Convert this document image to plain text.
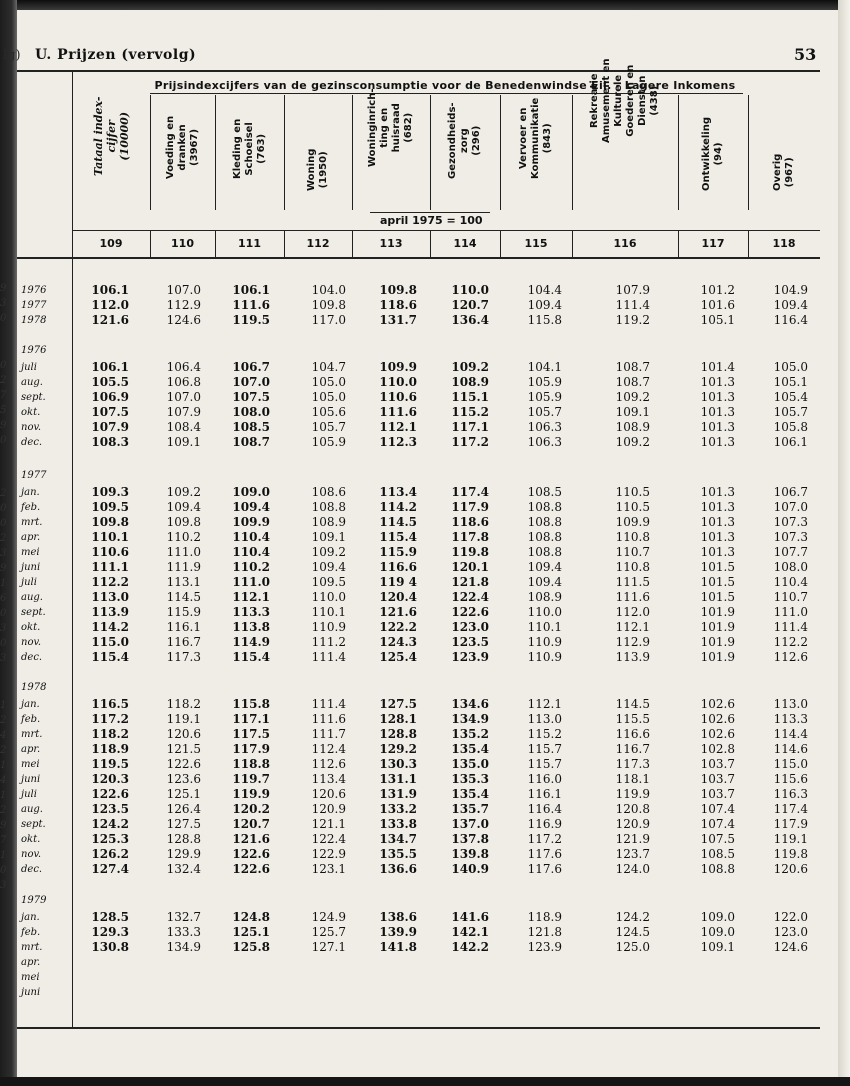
9
3
0
0
2
7
5
9
0
2
0
0
2
3
9
1
6
0
3
0
3
1
2
4
2
1
4
1
2
9
7
1
0
3
lg) U. Prijzen (vervolg)	53
Prijsindexcijfers van de gezinsconsumptie voor de Benedenwindse Eil. - Lagere Inkomens
Tataal index-
cijfer
(10000)	Voeding en
dranken
(3967)	Kleding en
Schoeisel
(763)	Woning
(1950)
Woninginrich-
ting en
huisraad
(682)	Gezondheids-
zorg
(296)	Vervoer en
Kommunikatie
(843)
Rekreatie
Amusement en
Kulturele
Goederen en
Diensten
(438)
Ontwikkeling
(94)	Overig
(967)
april 1975 = 100
109	110	111	112	113	114	115	116	117	118
1976	106.1	107.0	106.1	104.0	109.8	110.0	104.4	107.9	101.2	104.9
1977	112.0	112.9	111.6	109.8	118.6	120.7	109.4	111.4	101.6	109.4
1978	121.6	124.6	119.5	117.0	131.7	136.4	115.8	119.2	105.1	116.4
1976
juli	106.1	106.4	106.7	104.7	109.9	109.2	104.1	108.7	101.4	105.0
aug.	105.5	106.8	107.0	105.0	110.0	108.9	105.9	108.7	101.3	105.1
sept.	106.9	107.0	107.5	105.0	110.6	115.1	105.9	109.2	101.3	105.4
okt.	107.5	107.9	108.0	105.6	111.6	115.2	105.7	109.1	101.3	105.7
nov.	107.9	108.4	108.5	105.7	112.1	117.1	106.3	108.9	101.3	105.8
dec.	108.3	109.1	108.7	105.9	112.3	117.2	106.3	109.2	101.3	106.1
1977
jan.	109.3	109.2	109.0	108.6	113.4	117.4	108.5	110.5	101.3	106.7
feb.	109.5	109.4	109.4	108.8	114.2	117.9	108.8	110.5	101.3	107.0
mrt.	109.8	109.8	109.9	108.9	114.5	118.6	108.8	109.9	101.3	107.3
apr.	110.1	110.2	110.4	109.1	115.4	117.8	108.8	110.8	101.3	107.3
mei	110.6	111.0	110.4	109.2	115.9	119.8	108.8	110.7	101.3	107.7
juni	111.1	111.9	110.2	109.4	116.6	120.1	109.4	110.8	101.5	108.0
juli	112.2	113.1	111.0	109.5	119 4	121.8	109.4	111.5	101.5	110.4
aug.	113.0	114.5	112.1	110.0	120.4	122.4	108.9	111.6	101.5	110.7
sept.	113.9	115.9	113.3	110.1	121.6	122.6	110.0	112.0	101.9	111.0
okt.	114.2	116.1	113.8	110.9	122.2	123.0	110.1	112.1	101.9	111.4
nov.	115.0	116.7	114.9	111.2	124.3	123.5	110.9	112.9	101.9	112.2
dec.	115.4	117.3	115.4	111.4	125.4	123.9	110.9	113.9	101.9	112.6
1978
jan.	116.5	118.2	115.8	111.4	127.5	134.6	112.1	114.5	102.6	113.0
feb.	117.2	119.1	117.1	111.6	128.1	134.9	113.0	115.5	102.6	113.3
mrt.	118.2	120.6	117.5	111.7	128.8	135.2	115.2	116.6	102.6	114.4
apr.	118.9	121.5	117.9	112.4	129.2	135.4	115.7	116.7	102.8	114.6
mei	119.5	122.6	118.8	112.6	130.3	135.0	115.7	117.3	103.7	115.0
juni	120.3	123.6	119.7	113.4	131.1	135.3	116.0	118.1	103.7	115.6
juli	122.6	125.1	119.9	120.6	131.9	135.4	116.1	119.9	103.7	116.3
aug.	123.5	126.4	120.2	120.9	133.2	135.7	116.4	120.8	107.4	117.4
sept.	124.2	127.5	120.7	121.1	133.8	137.0	116.9	120.9	107.4	117.9
okt.	125.3	128.8	121.6	122.4	134.7	137.8	117.2	121.9	107.5	119.1
nov.	126.2	129.9	122.6	122.9	135.5	139.8	117.6	123.7	108.5	119.8
dec.	127.4	132.4	122.6	123.1	136.6	140.9	117.6	124.0	108.8	120.6
1979
jan.	128.5	132.7	124.8	124.9	138.6	141.6	118.9	124.2	109.0	122.0
feb.	129.3	133.3	125.1	125.7	139.9	142.1	121.8	124.5	109.0	123.0
mrt.	130.8	134.9	125.8	127.1	141.8	142.2	123.9	125.0	109.1	124.6
apr.
mei
juni
